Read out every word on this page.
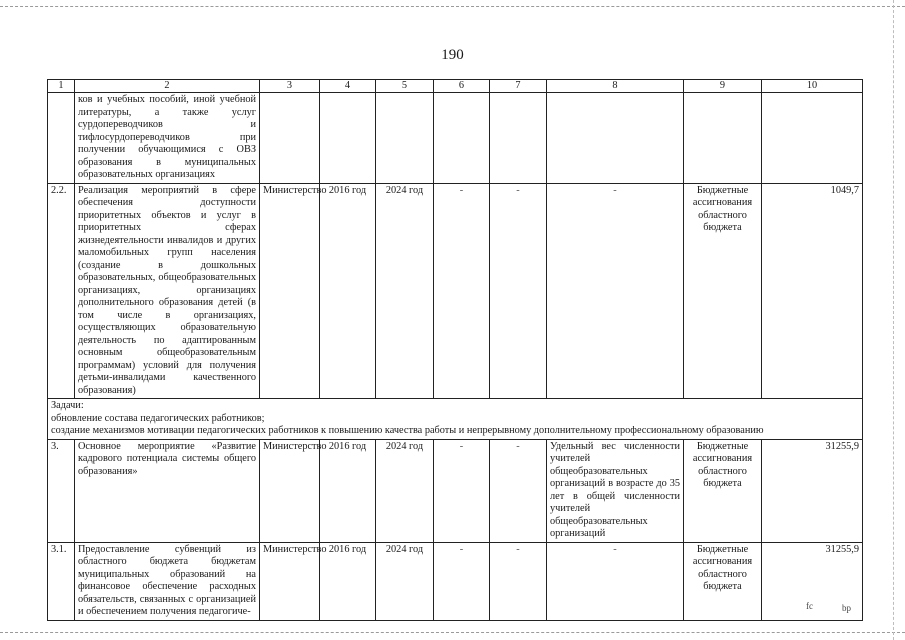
190
1	2	3	4	5	6	7	8	9	10
	ков и учебных пособий, иной учебной литературы, а также услуг сурдопереводчиков и тифлосурдопереводчиков при получении обучающимися с ОВЗ образования в муниципальных образовательных организациях								
2.2.	Реализация мероприятий в сфере обеспечения доступности приоритетных объектов и услуг в приоритетных сферах жизнедеятельности инвалидов и других маломобильных групп населения (создание в дошкольных образовательных, общеобразовательных организациях, организациях дополнительного образования детей (в том числе в организациях, осуществляющих образовательную деятельность по адаптированным основным общеобразовательным программам) условий для получения детьми-инвалидами качественного образования)	Министерство	2016 год	2024 год	-	-	-	Бюджетные ассигнования областного бюджета	1049,7

Задачи:
обновление состава педагогических работников;
создание механизмов мотивации педагогических работников к повышению качества работы и непрерывному дополнительному профессиональному образованию									

3.	Основное мероприятие «Развитие кадрового потенциала системы общего образования»	Министерство	2016 год	2024 год	-	-	Удельный вес численности учителей общеобразовательных организаций в возрасте до 35 лет в общей численности учителей общеобразовательных организаций	Бюджетные ассигнования областного бюджета	31255,9
3.1.	Предоставление субвенций из областного бюджета бюджетам муниципальных образований на финансовое обеспечение расходных обязательств, связанных с организацией и обеспечением получения педагогиче-	Министерство	2016 год	2024 год	-	-	-	Бюджетные ассигнования областного бюджета	31255,9
fc	bp
